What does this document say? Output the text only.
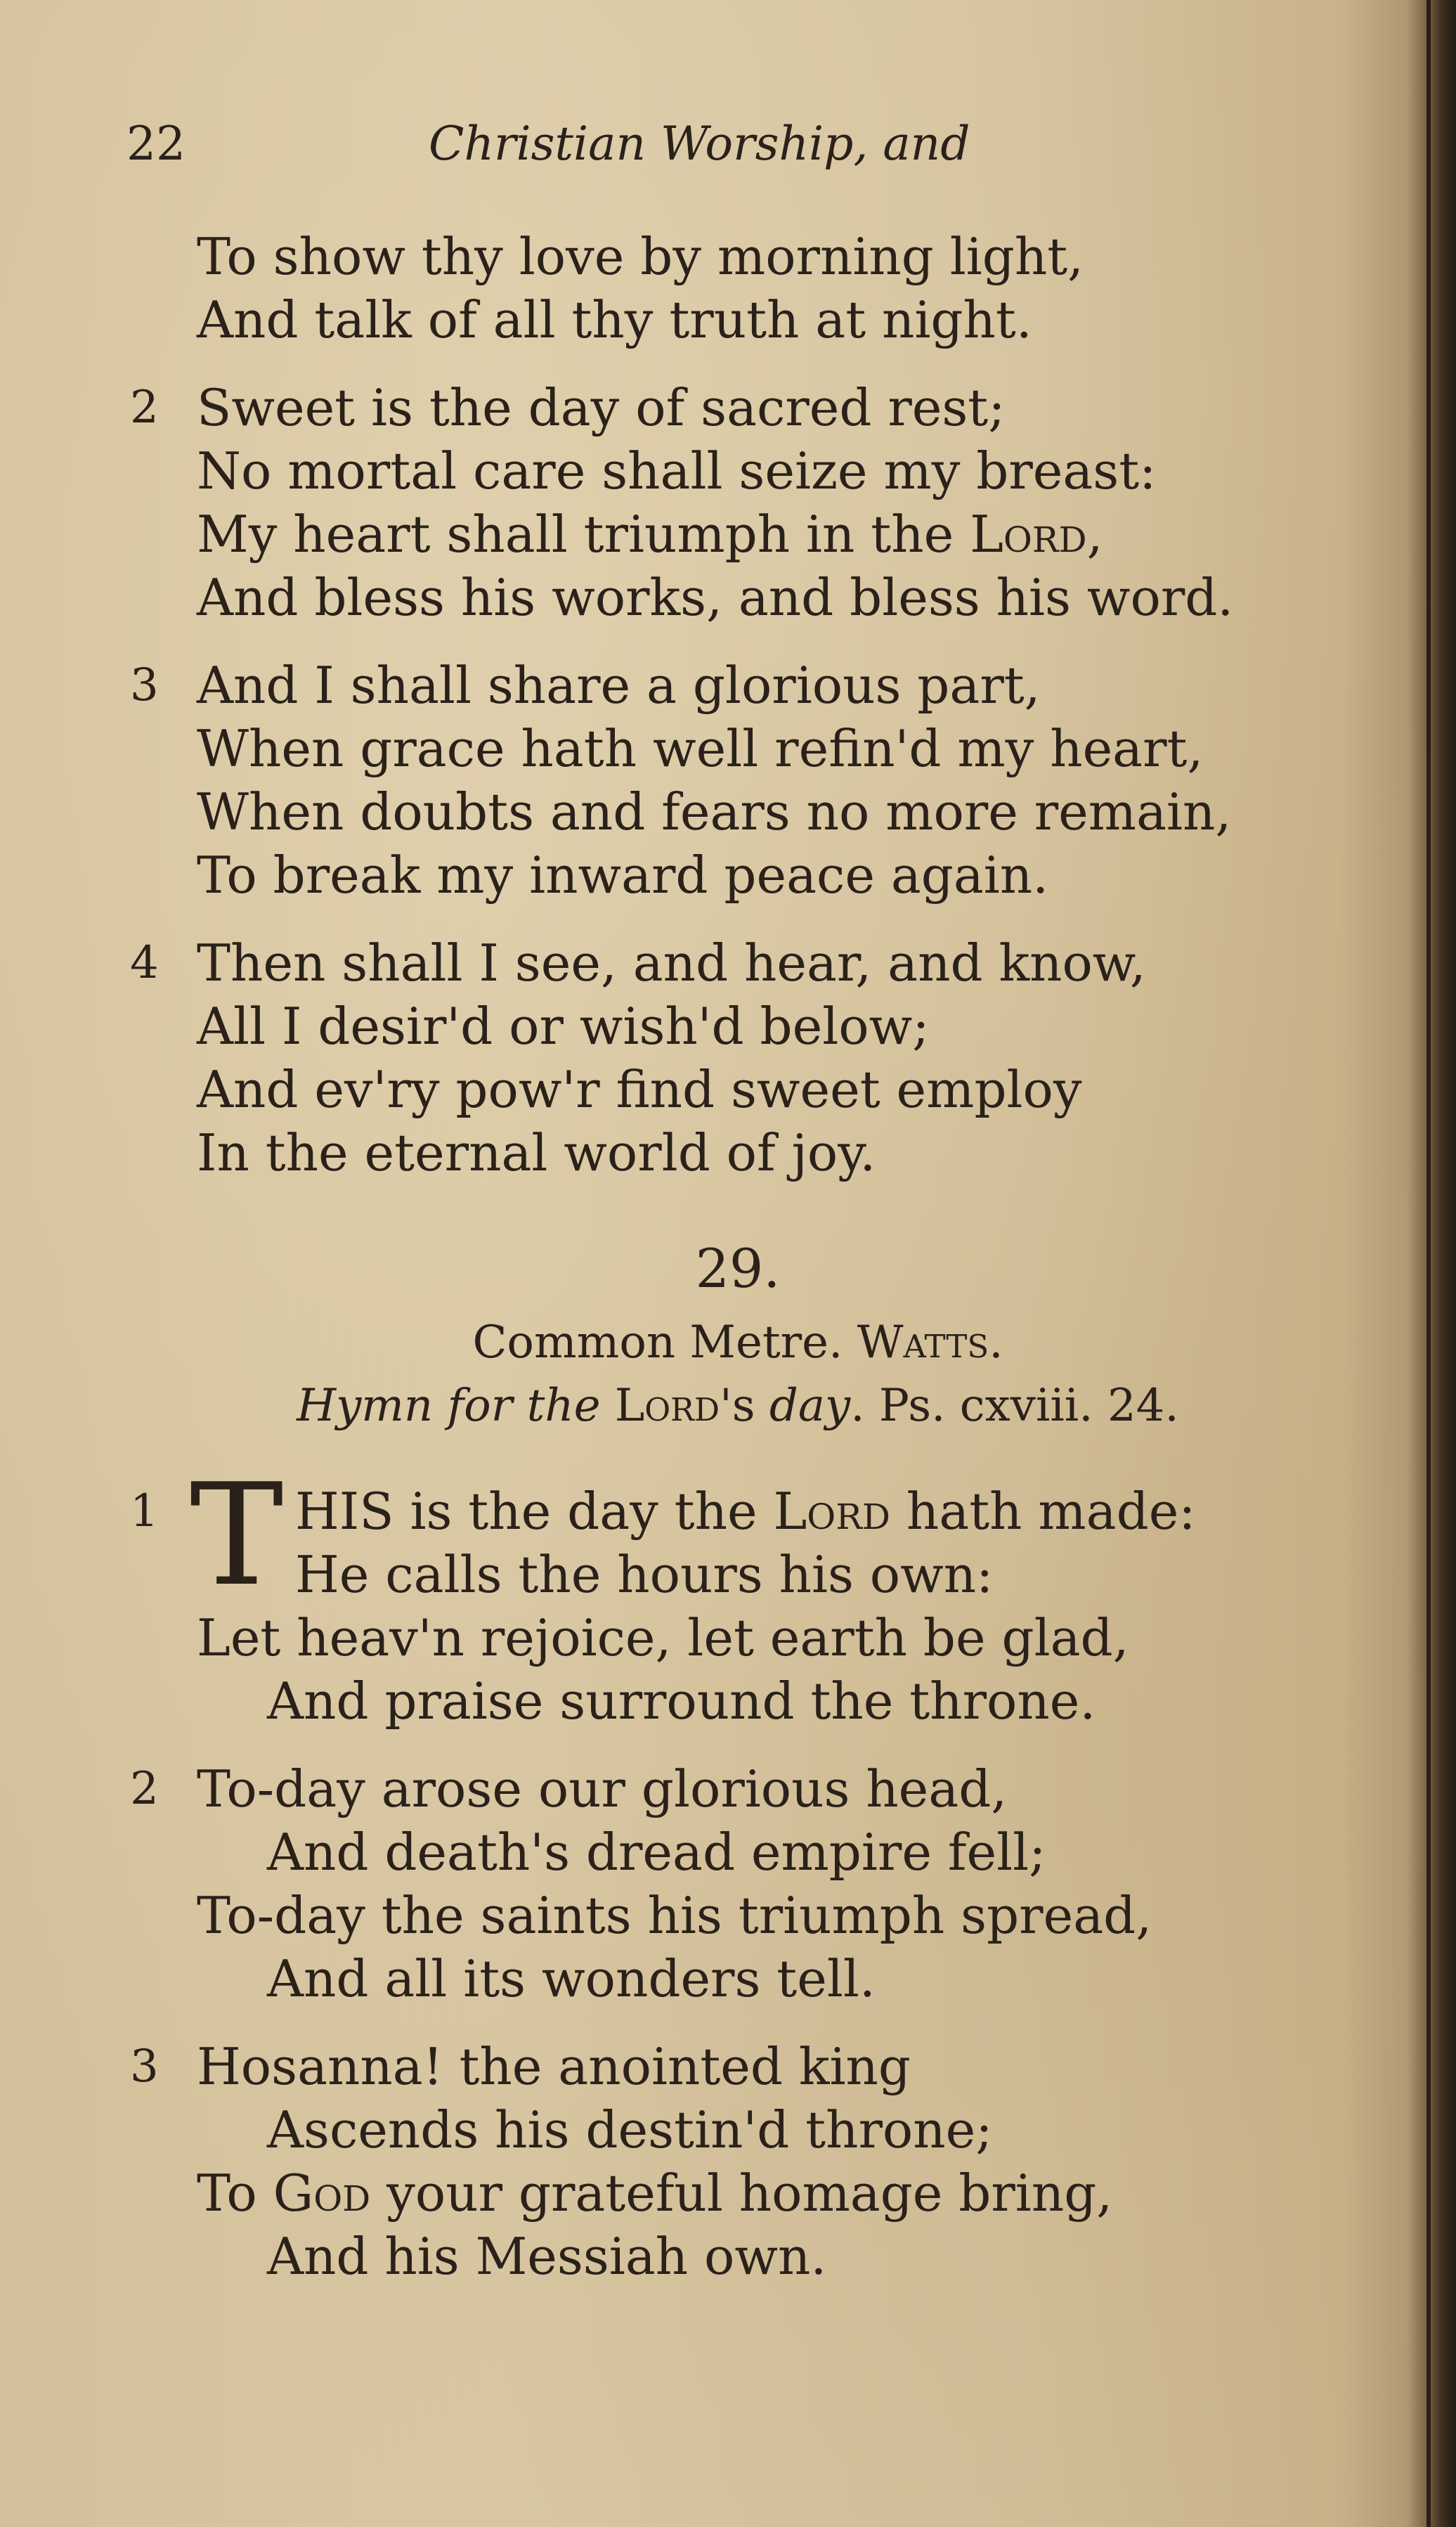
22	Christian Worship, and
To show thy love by morning light,
And talk of all thy truth at night.
2 Sweet is the day of sacred rest;
No mortal care shall seize my breast:
My heart shall triumph in the Lord,
And bless his works, and bless his word.
3 And I shall share a glorious part,
When grace hath well refin'd my heart,
When doubts and fears no more remain,
To break my inward peace again.
4 Then shall I see, and hear, and know,
All I desir'd or wish'd below;
And ev'ry pow'r find sweet employ
In the eternal world of joy.
29.
Common Metre. Watts.
Hymn for the Lord's day. Ps. cxviii. 24.
1 T HIS is the day the Lord hath made:
He calls the hours his own:
Let heav'n rejoice, let earth be glad,
And praise surround the throne.
2 To-day arose our glorious head,
And death's dread empire fell;
To-day the saints his triumph spread,
And all its wonders tell.
3 Hosanna! the anointed king
Ascends his destin'd throne;
To God your grateful homage bring,
And his Messiah own.
